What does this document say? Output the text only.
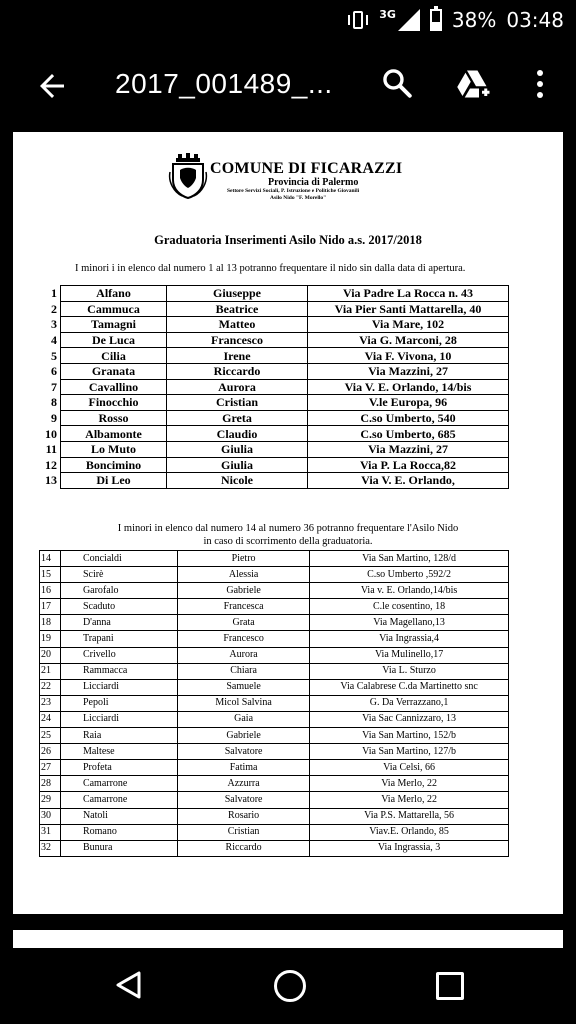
3G	38% 03:48
2017_001489_...
COMUNE DI FICARAZZI
Provincia di Palermo
Settore Servizi Sociali, P. Istruzione e Politiche Giovanili
Asilo Nido "F. Morello"
Graduatoria Inserimenti Asilo Nido a.s. 2017/2018
I minori i in elenco dal numero 1 al 13 potranno frequentare il nido sin dalla data di apertura.
1	Alfano	Giuseppe	Via Padre La Rocca n. 43
2	Cammuca	Beatrice	Via Pier Santi Mattarella, 40
3	Tamagni	Matteo	Via Mare, 102
4	De Luca	Francesco	Via G. Marconi, 28
5	Cilia	Irene	Via F. Vivona, 10
6	Granata	Riccardo	Via Mazzini, 27
7	Cavallino	Aurora	Via V. E. Orlando, 14/bis
8	Finocchio	Cristian	V.le Europa, 96
9	Rosso	Greta	C.so Umberto, 540
10	Albamonte	Claudio	C.so Umberto, 685
11	Lo Muto	Giulia	Via Mazzini, 27
12	Boncimino	Giulia	Via P. La Rocca,82
13	Di Leo	Nicole	Via V. E. Orlando,
I minori in elenco dal numero 14 al numero 36 potranno frequentare l'Asilo Nido
in caso di scorrimento della graduatoria.
14	Concialdi	Pietro	Via San Martino, 128/d
15	Scirè	Alessia	C.so Umberto ,592/2
16	Garofalo	Gabriele	Via v. E. Orlando,14/bis
17	Scaduto	Francesca	C.le cosentino, 18
18	D'anna	Grata	Via Magellano,13
19	Trapani	Francesco	Via Ingrassia,4
20	Crivello	Aurora	Via Mulinello,17
21	Rammacca	Chiara	Via L. Sturzo
22	Licciardi	Samuele	Via Calabrese C.da Martinetto snc
23	Pepoli	Micol Salvina	G. Da Verrazzano,1
24	Licciardi	Gaia	Via Sac Cannizzaro, 13
25	Raia	Gabriele	Via San Martino, 152/b
26	Maltese	Salvatore	Via San Martino, 127/b
27	Profeta	Fatima	Via Celsi, 66
28	Camarrone	Azzurra	Via Merlo, 22
29	Camarrone	Salvatore	Via Merlo, 22
30	Natoli	Rosario	Via P.S. Mattarella, 56
31	Romano	Cristian	Viav.E. Orlando, 85
32	Bunura	Riccardo	Via Ingrassia, 3
